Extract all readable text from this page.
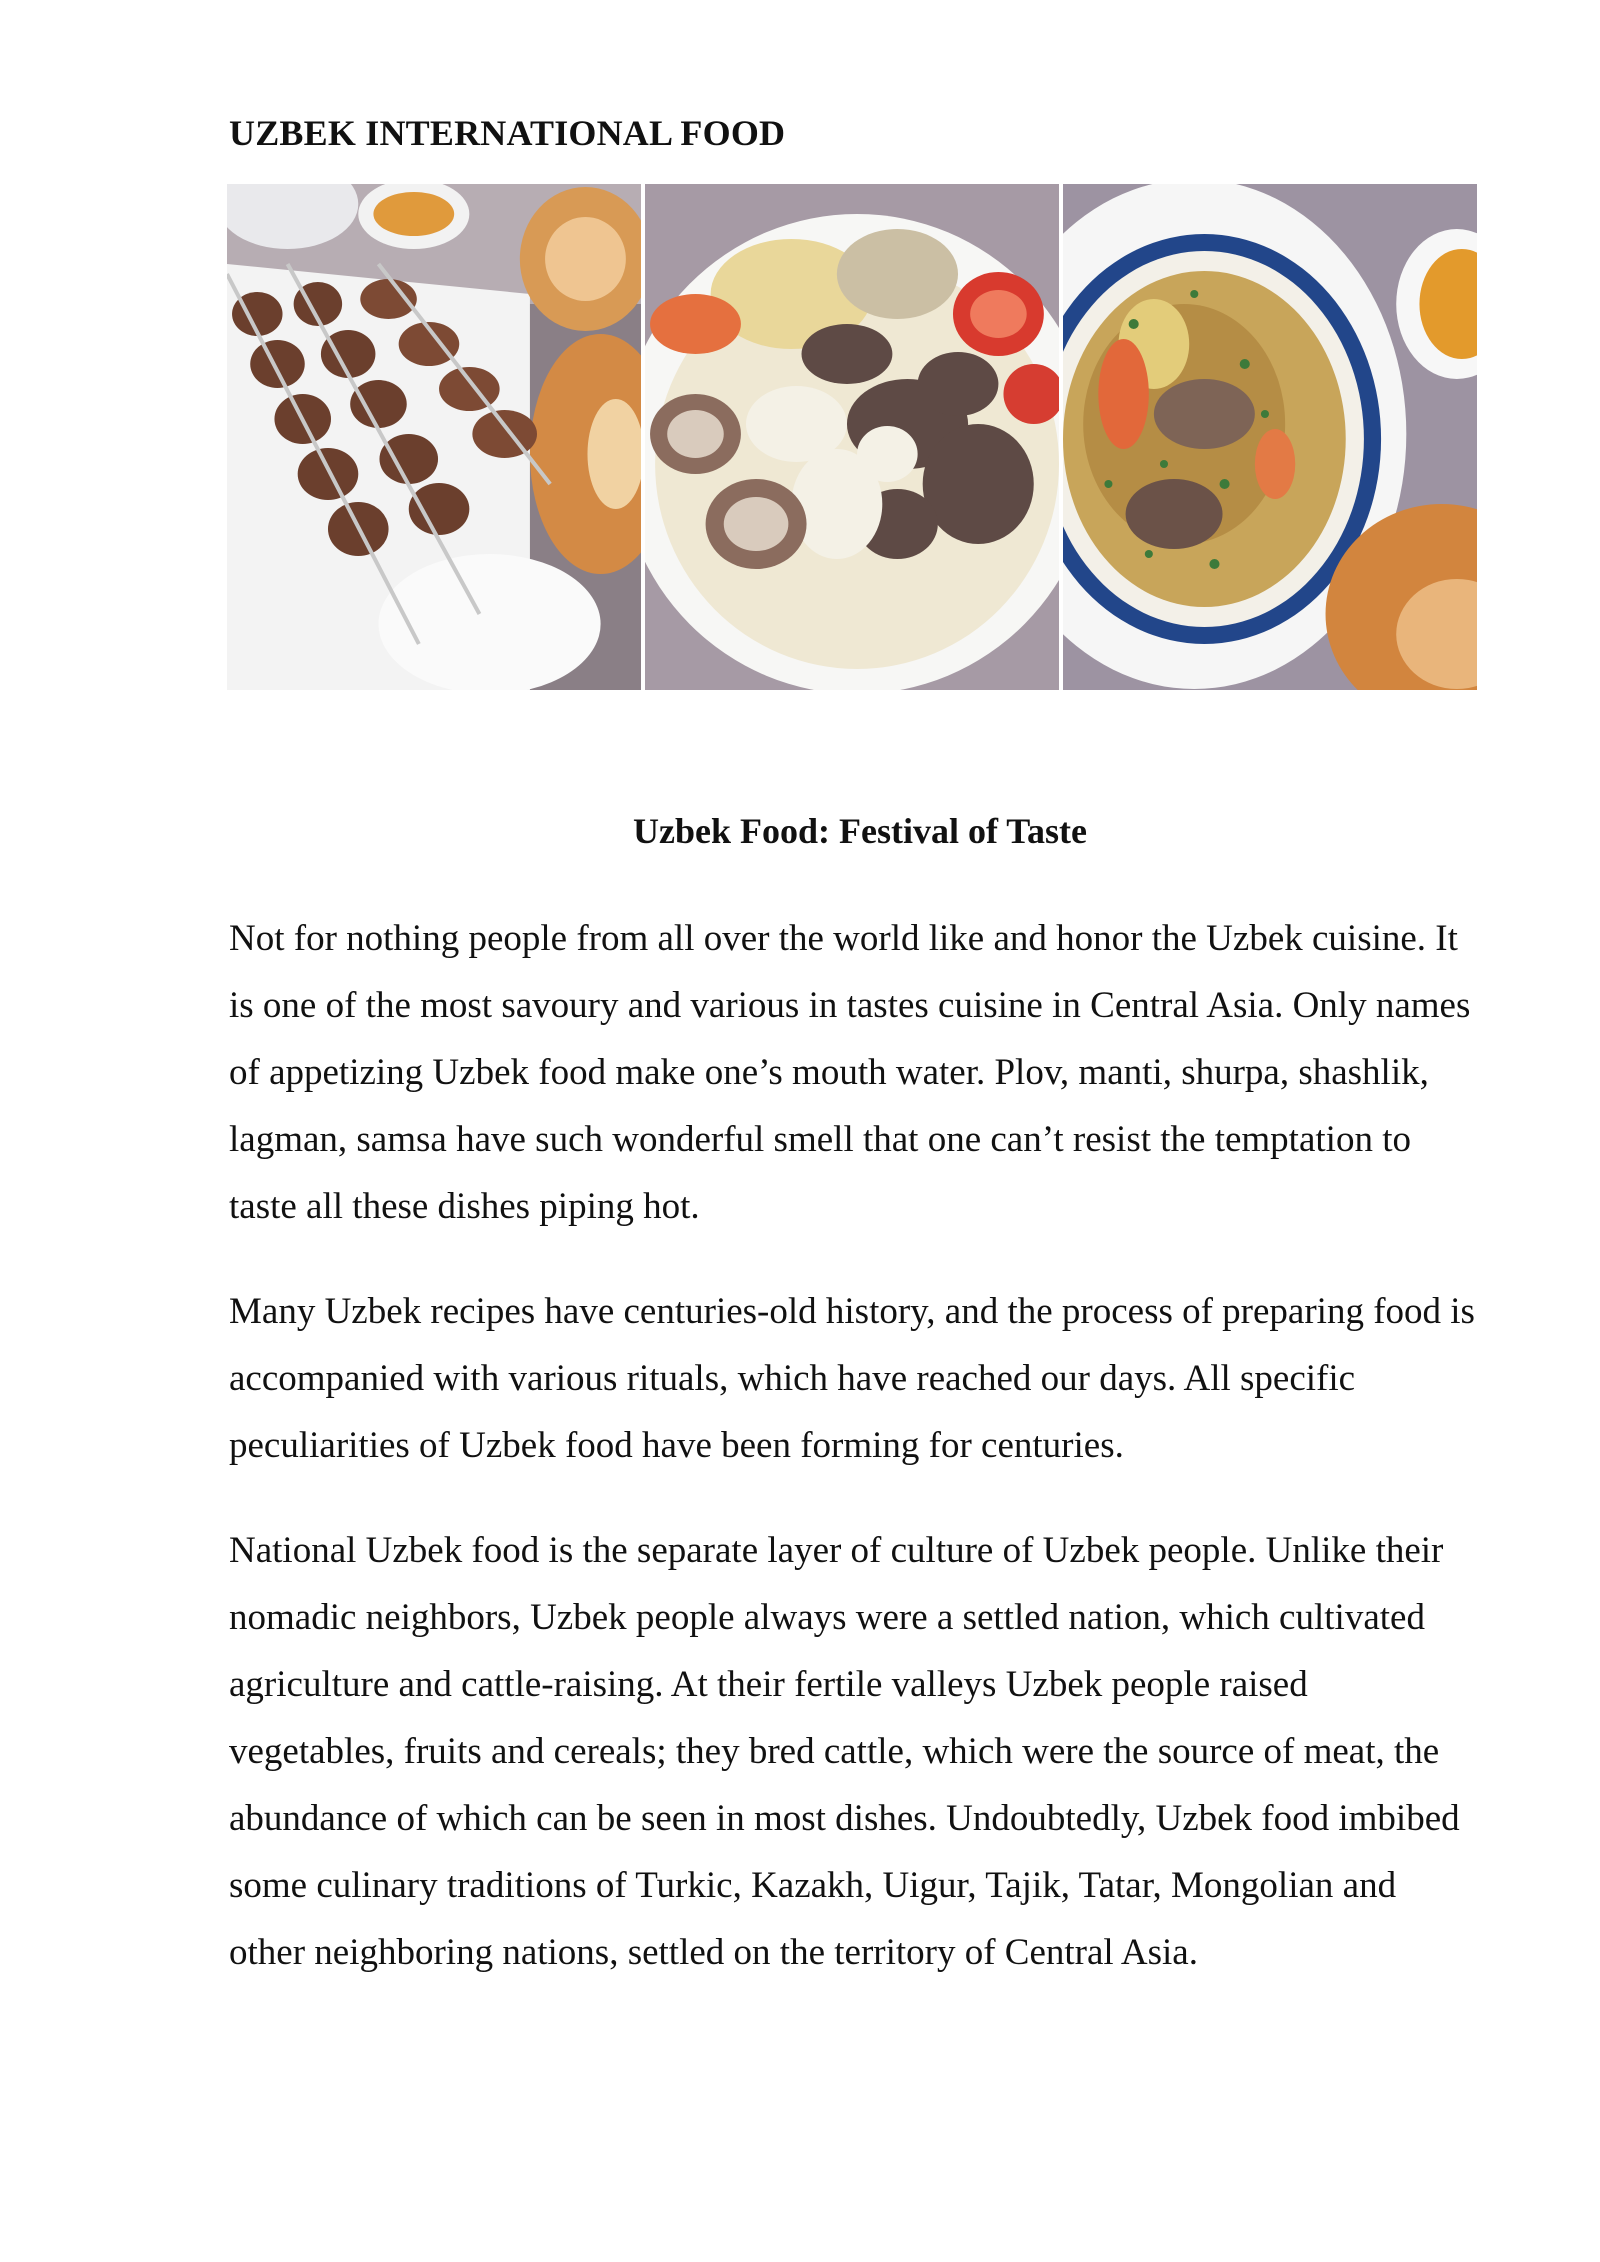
UZBEK INTERNATIONAL FOOD
Uzbek Food: Festival of Taste

Not for nothing people from all over the world like and honor the Uzbek cuisine. It is one of the most savoury and various in tastes cuisine in Central Asia. Only names of appetizing Uzbek food make one’s mouth water. Plov, manti, shurpa, shashlik, lagman, samsa have such wonderful smell that one can’t resist the temptation to taste all these dishes piping hot.

Many Uzbek recipes have centuries-old history, and the process of preparing food is accompanied with various rituals, which have reached our days. All specific peculiarities of Uzbek food have been forming for centuries.

National Uzbek food is the separate layer of culture of Uzbek people. Unlike their nomadic neighbors, Uzbek people always were a settled nation, which cultivated agriculture and cattle-raising. At their fertile valleys Uzbek people raised vegetables, fruits and cereals; they bred cattle, which were the source of meat, the abundance of which can be seen in most dishes. Undoubtedly, Uzbek food imbibed some culinary traditions of Turkic, Kazakh, Uigur, Tajik, Tatar, Mongolian and other neighboring nations, settled on the territory of Central Asia.
